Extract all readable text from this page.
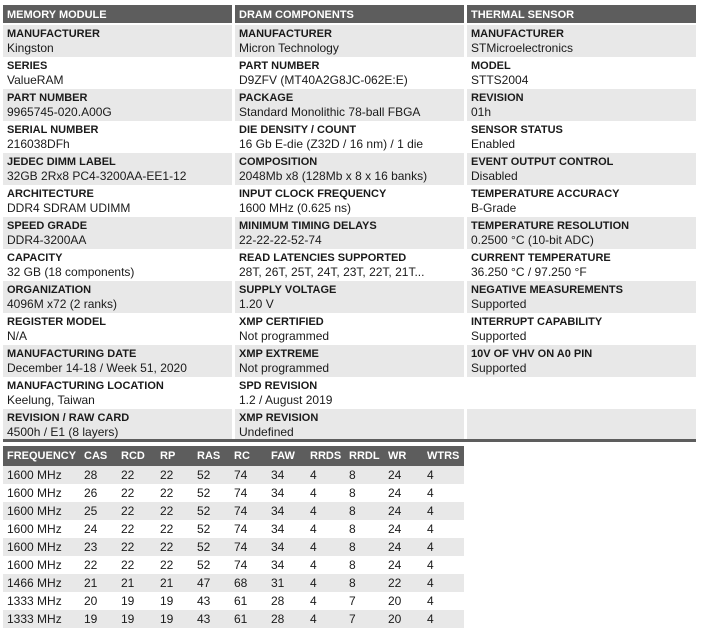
MEMORY MODULE
MANUFACTURER
Kingston
SERIES
ValueRAM
PART NUMBER
9965745-020.A00G
SERIAL NUMBER
216038DFh
JEDEC DIMM LABEL
32GB 2Rx8 PC4-3200AA-EE1-12
ARCHITECTURE
DDR4 SDRAM UDIMM
SPEED GRADE
DDR4-3200AA
CAPACITY
32 GB (18 components)
ORGANIZATION
4096M x72 (2 ranks)
REGISTER MODEL
N/A
MANUFACTURING DATE
December 14-18 / Week 51, 2020
MANUFACTURING LOCATION
Keelung, Taiwan
REVISION / RAW CARD
4500h / E1 (8 layers)
DRAM COMPONENTS
MANUFACTURER
Micron Technology
PART NUMBER
D9ZFV (MT40A2G8JC-062E:E)
PACKAGE
Standard Monolithic 78-ball FBGA
DIE DENSITY / COUNT
16 Gb E-die (Z32D / 16 nm) / 1 die
COMPOSITION
2048Mb x8 (128Mb x 8 x 16 banks)
INPUT CLOCK FREQUENCY
1600 MHz (0.625 ns)
MINIMUM TIMING DELAYS
22-22-22-52-74
READ LATENCIES SUPPORTED
28T, 26T, 25T, 24T, 23T, 22T, 21T...
SUPPLY VOLTAGE
1.20 V
XMP CERTIFIED
Not programmed
XMP EXTREME
Not programmed
SPD REVISION
1.2 / August 2019
XMP REVISION
Undefined
THERMAL SENSOR
MANUFACTURER
STMicroelectronics
MODEL
STTS2004
REVISION
01h
SENSOR STATUS
Enabled
EVENT OUTPUT CONTROL
Disabled
TEMPERATURE ACCURACY
B-Grade
TEMPERATURE RESOLUTION
0.2500 °C (10-bit ADC)
CURRENT TEMPERATURE
36.250 °C / 97.250 °F
NEGATIVE MEASUREMENTS
Supported
INTERRUPT CAPABILITY
Supported
10V OF VHV ON A0 PIN
Supported
FREQUENCY	CAS	RCD	RP	RAS	RC	FAW	RRDS	RRDL	WR	WTRS
1600 MHz	28	22	22	52	74	34	4	8	24	4
1600 MHz	26	22	22	52	74	34	4	8	24	4
1600 MHz	25	22	22	52	74	34	4	8	24	4
1600 MHz	24	22	22	52	74	34	4	8	24	4
1600 MHz	23	22	22	52	74	34	4	8	24	4
1600 MHz	22	22	22	52	74	34	4	8	24	4
1466 MHz	21	21	21	47	68	31	4	8	22	4
1333 MHz	20	19	19	43	61	28	4	7	20	4
1333 MHz	19	19	19	43	61	28	4	7	20	4
